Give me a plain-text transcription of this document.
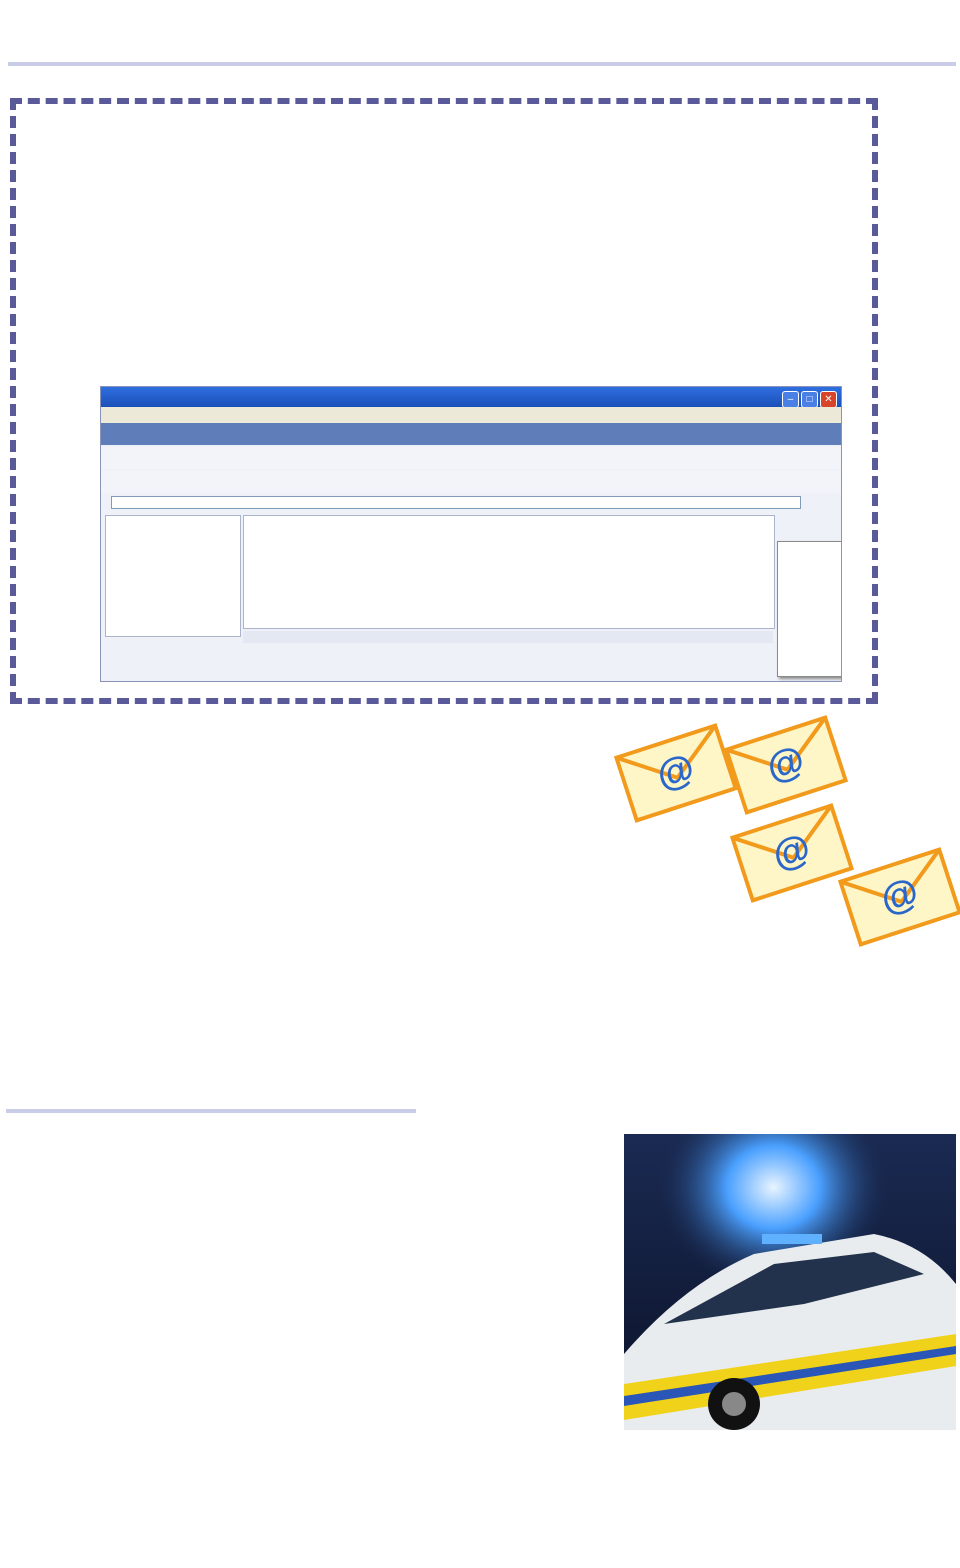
– □ ✕
@ @
@
@
